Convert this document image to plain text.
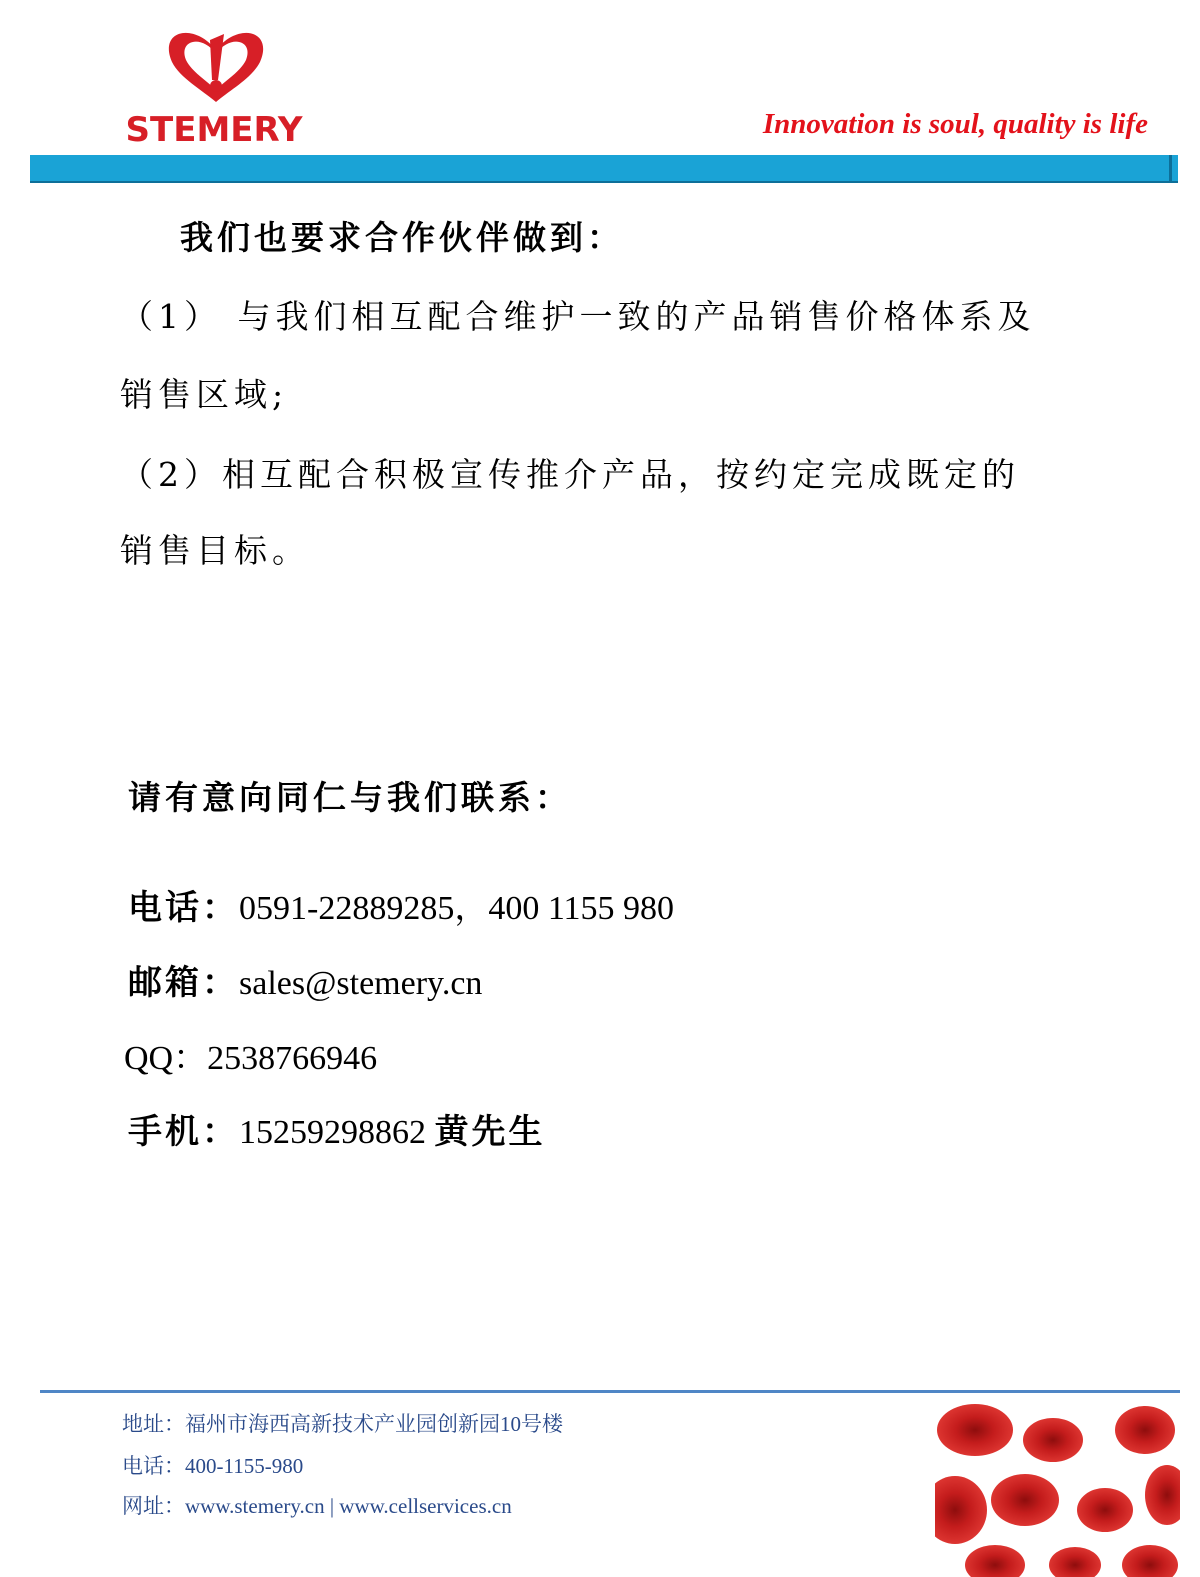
STEMERY	Innovation is soul, quality is life
我们也要求合作伙伴做到：
（1） 与我们相互配合维护一致的产品销售价格体系及
销售区域;
（2）相互配合积极宣传推介产品，按约定完成既定的
销售目标。
请有意向同仁与我们联系：
电话：0591-22889285，400 1155 980
邮箱：sales@stemery.cn
QQ：2538766946
手机：15259298862 黄先生
地址：福州市海西高新技术产业园创新园10号楼
电话：400-1155-980
网址：www.stemery.cn | www.cellservices.cn
